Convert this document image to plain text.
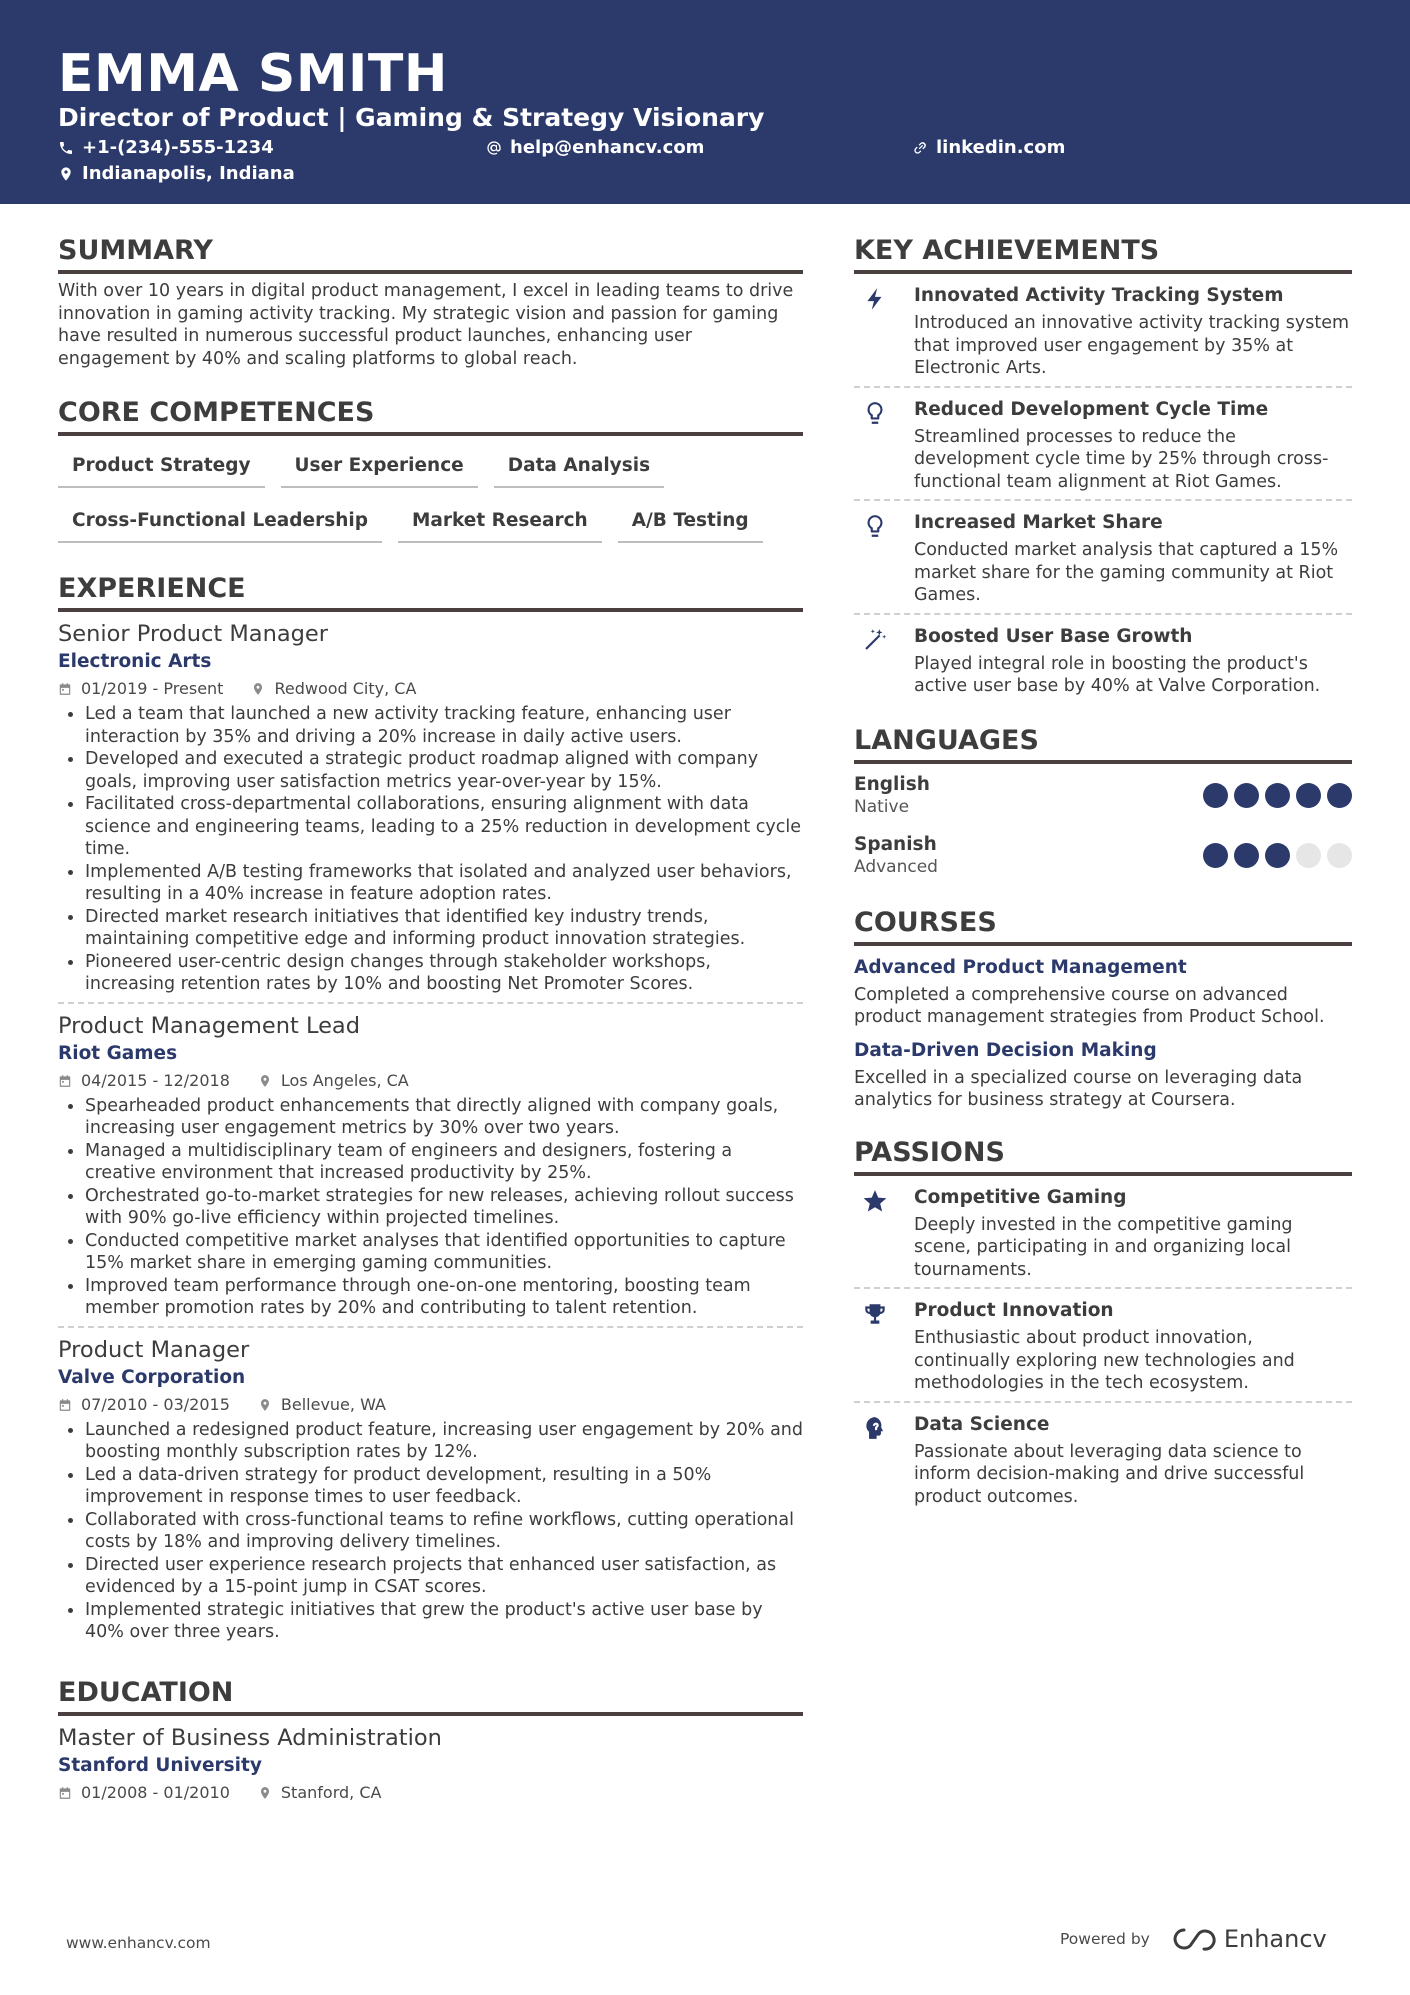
EMMA SMITH
Director of Product | Gaming & Strategy Visionary
+1-(234)-555-1234	help@enhancv.com	linkedin.com
Indianapolis, Indiana
SUMMARY
With over 10 years in digital product management, I excel in leading teams to drive innovation in gaming activity tracking. My strategic vision and passion for gaming have resulted in numerous successful product launches, enhancing user engagement by 40% and scaling platforms to global reach.
CORE COMPETENCES
Product Strategy	User Experience	Data Analysis
Cross-Functional Leadership	Market Research	A/B Testing
EXPERIENCE
Senior Product Manager
Electronic Arts
01/2019 - Present	Redwood City, CA
Led a team that launched a new activity tracking feature, enhancing user interaction by 35% and driving a 20% increase in daily active users.
Developed and executed a strategic product roadmap aligned with company goals, improving user satisfaction metrics year-over-year by 15%.
Facilitated cross-departmental collaborations, ensuring alignment with data science and engineering teams, leading to a 25% reduction in development cycle time.
Implemented A/B testing frameworks that isolated and analyzed user behaviors, resulting in a 40% increase in feature adoption rates.
Directed market research initiatives that identified key industry trends, maintaining competitive edge and informing product innovation strategies.
Pioneered user-centric design changes through stakeholder workshops, increasing retention rates by 10% and boosting Net Promoter Scores.
Product Management Lead
Riot Games
04/2015 - 12/2018	Los Angeles, CA
Spearheaded product enhancements that directly aligned with company goals, increasing user engagement metrics by 30% over two years.
Managed a multidisciplinary team of engineers and designers, fostering a creative environment that increased productivity by 25%.
Orchestrated go-to-market strategies for new releases, achieving rollout success with 90% go-live efficiency within projected timelines.
Conducted competitive market analyses that identified opportunities to capture 15% market share in emerging gaming communities.
Improved team performance through one-on-one mentoring, boosting team member promotion rates by 20% and contributing to talent retention.
Product Manager
Valve Corporation
07/2010 - 03/2015	Bellevue, WA
Launched a redesigned product feature, increasing user engagement by 20% and boosting monthly subscription rates by 12%.
Led a data-driven strategy for product development, resulting in a 50% improvement in response times to user feedback.
Collaborated with cross-functional teams to refine workflows, cutting operational costs by 18% and improving delivery timelines.
Directed user experience research projects that enhanced user satisfaction, as evidenced by a 15-point jump in CSAT scores.
Implemented strategic initiatives that grew the product's active user base by 40% over three years.
EDUCATION
Master of Business Administration
Stanford University
01/2008 - 01/2010	Stanford, CA
KEY ACHIEVEMENTS
Innovated Activity Tracking System
Introduced an innovative activity tracking system that improved user engagement by 35% at Electronic Arts.
Reduced Development Cycle Time
Streamlined processes to reduce the development cycle time by 25% through cross-functional team alignment at Riot Games.
Increased Market Share
Conducted market analysis that captured a 15% market share for the gaming community at Riot Games.
Boosted User Base Growth
Played integral role in boosting the product's active user base by 40% at Valve Corporation.
LANGUAGES
English
Native
Spanish
Advanced
COURSES
Advanced Product Management
Completed a comprehensive course on advanced product management strategies from Product School.
Data-Driven Decision Making
Excelled in a specialized course on leveraging data analytics for business strategy at Coursera.
PASSIONS
Competitive Gaming
Deeply invested in the competitive gaming scene, participating in and organizing local tournaments.
Product Innovation
Enthusiastic about product innovation, continually exploring new technologies and methodologies in the tech ecosystem.
Data Science
Passionate about leveraging data science to inform decision-making and drive successful product outcomes.
www.enhancv.com	Powered by	Enhancv
